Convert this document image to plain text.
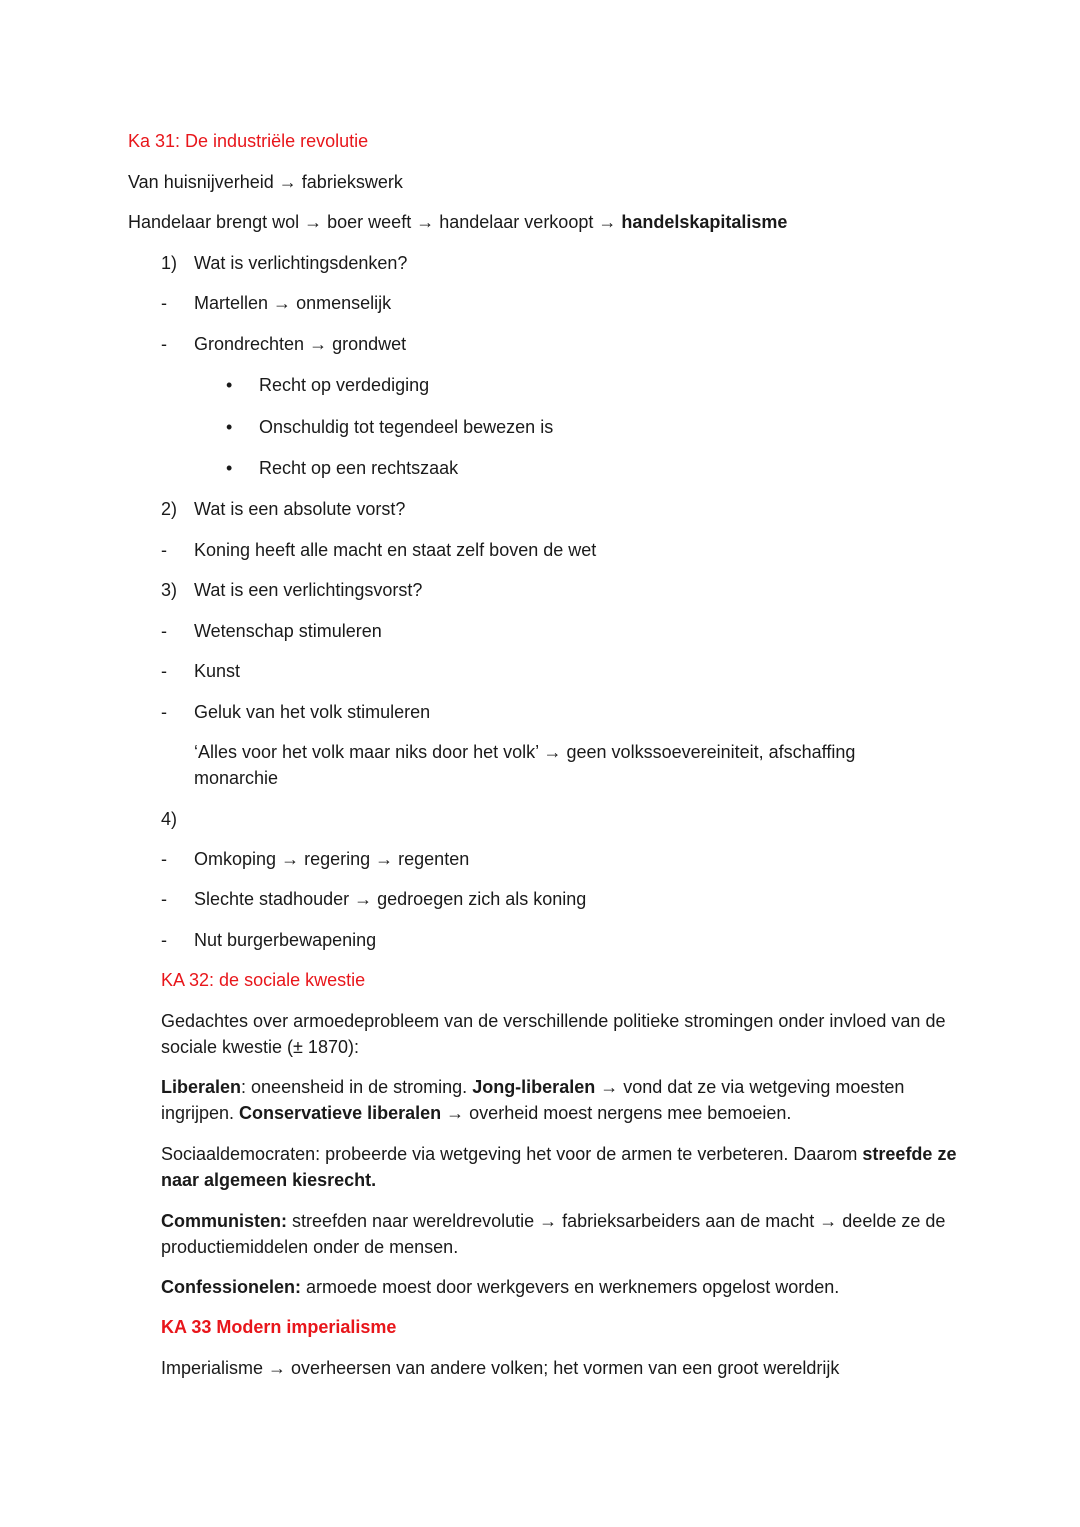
Ka 31: De industriële revolutie
Van huisnijverheid → fabriekswerk
Handelaar brengt wol → boer weeft → handelaar verkoopt → handelskapitalisme
1) Wat is verlichtingsdenken?
- Martellen → onmenselijk
- Grondrechten → grondwet
• Recht op verdediging
• Onschuldig tot tegendeel bewezen is
• Recht op een rechtszaak
2) Wat is een absolute vorst?
- Koning heeft alle macht en staat zelf boven de wet
3) Wat is een verlichtingsvorst?
- Wetenschap stimuleren
- Kunst
- Geluk van het volk stimuleren
‘Alles voor het volk maar niks door het volk’ → geen volkssoevereiniteit, afschaffing
monarchie
4)
- Omkoping → regering → regenten
- Slechte stadhouder → gedroegen zich als koning
- Nut burgerbewapening
KA 32: de sociale kwestie
Gedachtes over armoedeprobleem van de verschillende politieke stromingen onder invloed van de sociale kwestie (± 1870):
Liberalen: oneensheid in de stroming. Jong-liberalen → vond dat ze via wetgeving moesten ingrijpen. Conservatieve liberalen → overheid moest nergens mee bemoeien.
Sociaaldemocraten: probeerde via wetgeving het voor de armen te verbeteren. Daarom streefde ze naar algemeen kiesrecht.
Communisten: streefden naar wereldrevolutie → fabrieksarbeiders aan de macht → deelde ze de productiemiddelen onder de mensen.
Confessionelen: armoede moest door werkgevers en werknemers opgelost worden.
KA 33 Modern imperialisme
Imperialisme → overheersen van andere volken; het vormen van een groot wereldrijk
